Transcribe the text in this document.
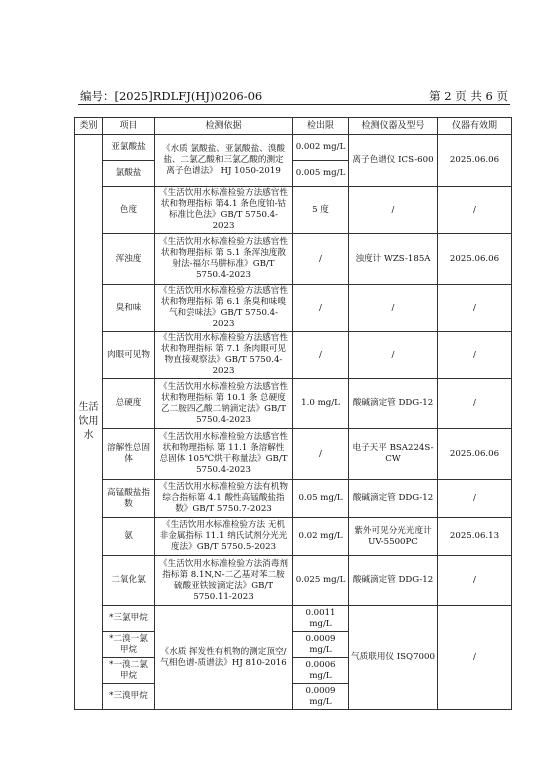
编号：[2025]RDLFJ(HJ)0206-06	第 2 页 共 6 页
类别	项目	检测依据	检出限	检测仪器及型号	仪器有效期
生活饮用水	亚氯酸盐	《水质 氯酸盐、亚氯酸盐、溴酸盐、二氯乙酸和三氯乙酸的测定 离子色谱法》 HJ 1050-2019	0.002 mg/L	离子色谱仪 ICS-600	2025.06.06
	氯酸盐		0.005 mg/L		
	色度	《生活饮用水标准检验方法感官性状和物理指标 第4.1 条色度铂-钴标准比色法》GB/T 5750.4-2023	5 度	/	/
	浑浊度	《生活饮用水标准检验方法感官性状和物理指标 第 5.1 条浑浊度散射法-福尔马肼标准》GB/T 5750.4-2023	/	浊度计 WZS-185A	2025.06.06
	臭和味	《生活饮用水标准检验方法感官性状和物理指标 第 6.1 条臭和味嗅气和尝味法》GB/T 5750.4-2023	/	/	/
	肉眼可见物	《生活饮用水标准检验方法感官性状和物理指标 第 7.1 条肉眼可见物直接观察法》GB/T 5750.4-2023	/	/	/
	总硬度	《生活饮用水标准检验方法感官性状和物理指标 第 10.1 条 总硬度 乙二胺四乙酸二钠滴定法》GB/T 5750.4-2023	1.0 mg/L	酸碱滴定管 DDG-12	/
	溶解性总固体	《生活饮用水标准检验方法感官性状和物理指标 第 11.1 条溶解性总固体 105℃烘干称量法》GB/T 5750.4-2023	/	电子天平 BSA224S-CW	2025.06.06
	高锰酸盐指数	《生活饮用水标准检验方法有机物综合指标第 4.1 酸性高锰酸盐指数》GB/T 5750.7-2023	0.05 mg/L	酸碱滴定管 DDG-12	/
	氨	《生活饮用水标准检验方法 无机非金属指标 11.1 纳氏试剂分光光度法》GB/T 5750.5-2023	0.02 mg/L	紫外可见分光光度计 UV-5500PC	2025.06.13
	二氧化氯	《生活饮用水标准检验方法消毒剂指标第 8.1N,N-二乙基对苯二胺硫酸亚铁铵滴定法》GB/T 5750.11-2023	0.025 mg/L	酸碱滴定管 DDG-12	/
	*三氯甲烷	《水质 挥发性有机物的测定顶空/气相色谱-质谱法》HJ 810-2016	0.0011 mg/L	气质联用仪 ISQ7000	/
	*二溴一氯甲烷		0.0009 mg/L		
	*一溴二氯甲烷		0.0006 mg/L		
	*三溴甲烷		0.0009 mg/L		
